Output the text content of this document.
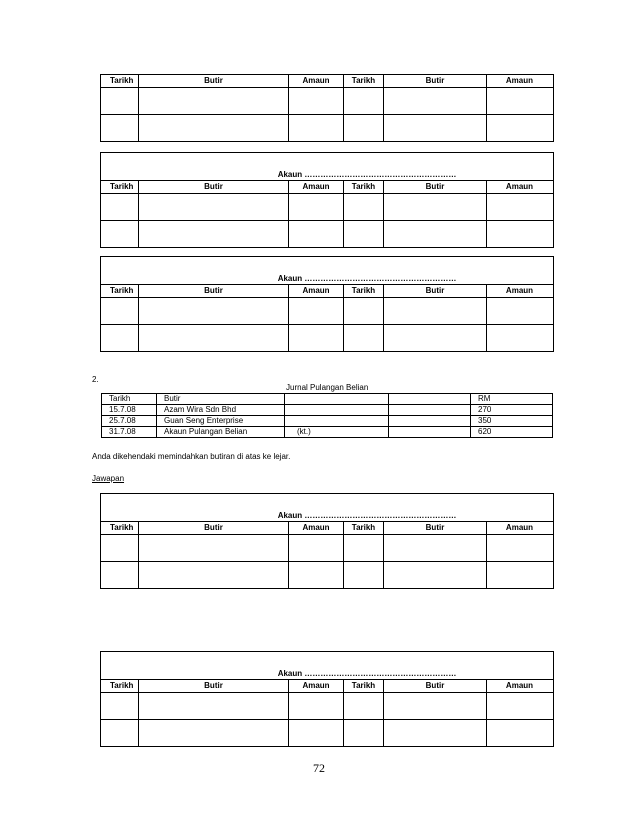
Tarikh	Butir	Amaun	Tarikh	Butir	Amaun

Akaun …………………………………………………					
Tarikh	Butir	Amaun	Tarikh	Butir	Amaun

Akaun …………………………………………………					
Tarikh	Butir	Amaun	Tarikh	Butir	Amaun

2.
Jurnal Pulangan Belian
Tarikh	Butir			RM
15.7.08	Azam Wira Sdn Bhd			270
25.7.08	Guan Seng Enterprise			350
31.7.08	Akaun Pulangan Belian	(kt.)		620
Anda dikehendaki memindahkan butiran di atas ke lejar.
Jawapan
Akaun …………………………………………………					
Tarikh	Butir	Amaun	Tarikh	Butir	Amaun

Akaun …………………………………………………					
Tarikh	Butir	Amaun	Tarikh	Butir	Amaun

72
